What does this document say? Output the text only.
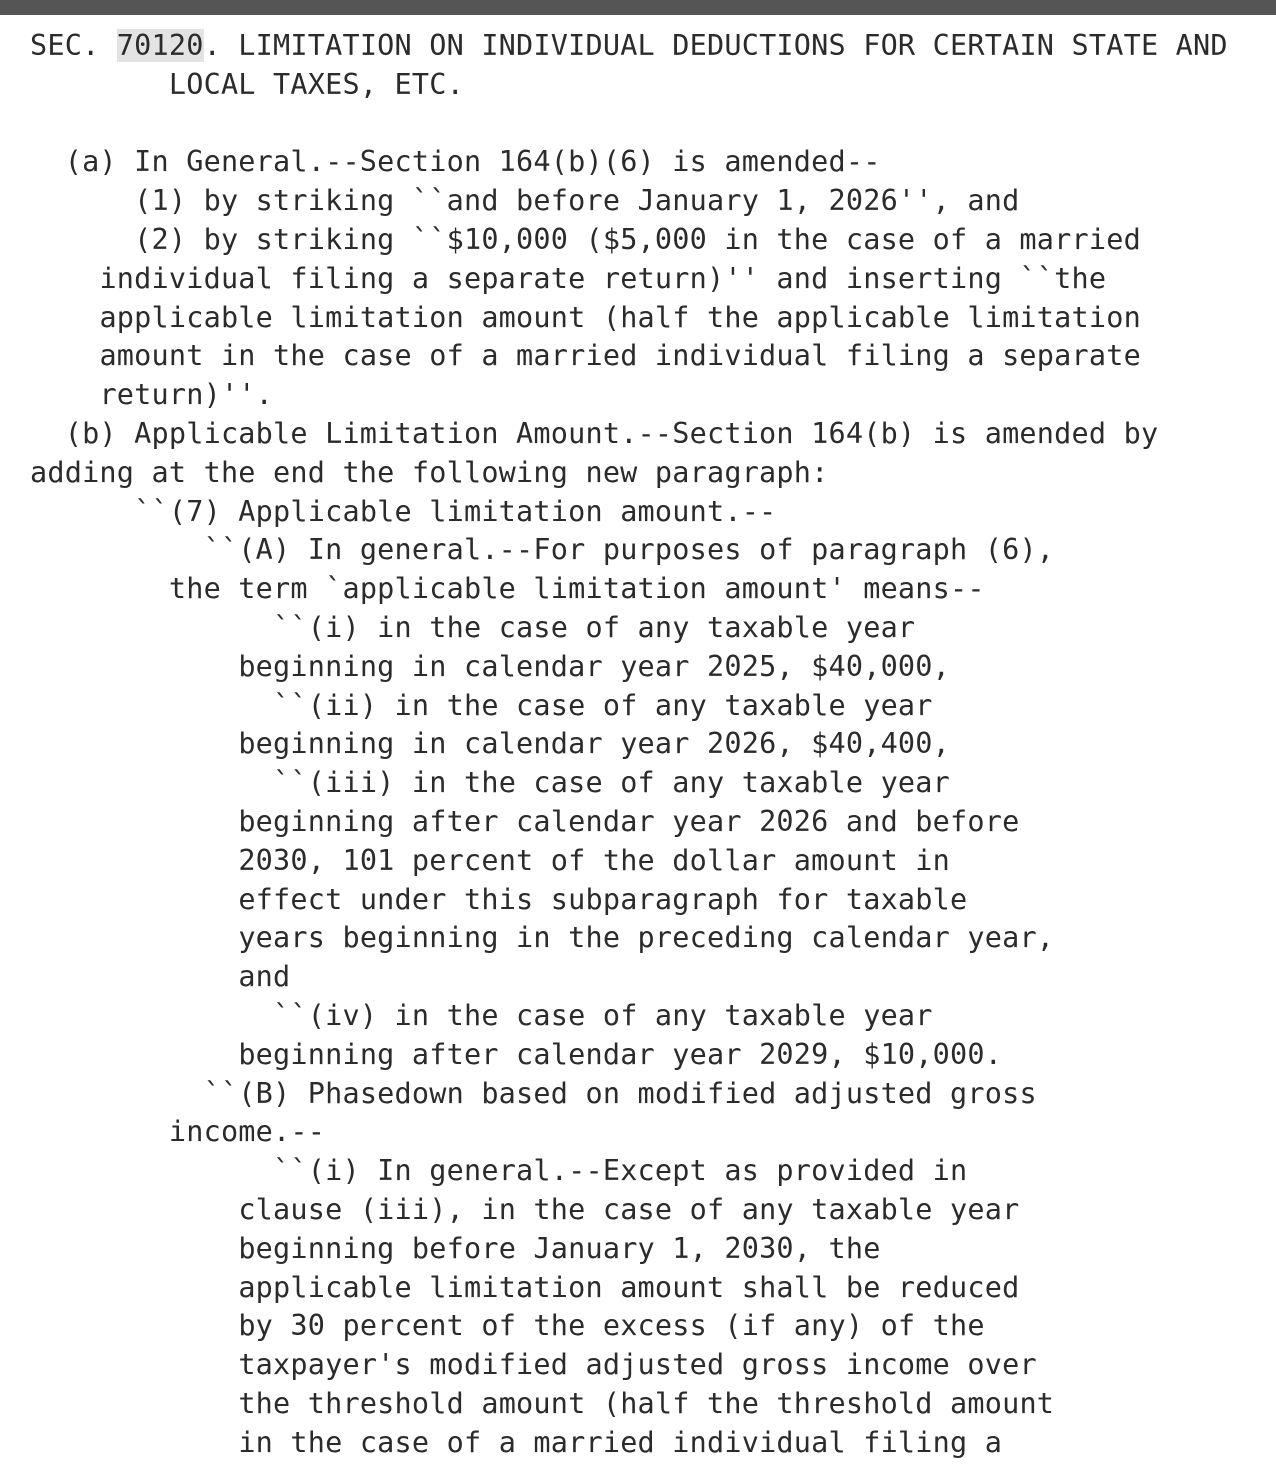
SEC. 70120. LIMITATION ON INDIVIDUAL DEDUCTIONS FOR CERTAIN STATE AND
LOCAL TAXES, ETC.
(a) In General.--Section 164(b)(6) is amended--
(1) by striking ``and before January 1, 2026'', and
(2) by striking ``$10,000 ($5,000 in the case of a married
individual filing a separate return)'' and inserting ``the
applicable limitation amount (half the applicable limitation
amount in the case of a married individual filing a separate
return)''.
(b) Applicable Limitation Amount.--Section 164(b) is amended by
adding at the end the following new paragraph:
``(7) Applicable limitation amount.--
``(A) In general.--For purposes of paragraph (6),
the term `applicable limitation amount' means--
``(i) in the case of any taxable year
beginning in calendar year 2025, $40,000,
``(ii) in the case of any taxable year
beginning in calendar year 2026, $40,400,
``(iii) in the case of any taxable year
beginning after calendar year 2026 and before
2030, 101 percent of the dollar amount in
effect under this subparagraph for taxable
years beginning in the preceding calendar year,
and
``(iv) in the case of any taxable year
beginning after calendar year 2029, $10,000.
``(B) Phasedown based on modified adjusted gross
income.--
``(i) In general.--Except as provided in
clause (iii), in the case of any taxable year
beginning before January 1, 2030, the
applicable limitation amount shall be reduced
by 30 percent of the excess (if any) of the
taxpayer's modified adjusted gross income over
the threshold amount (half the threshold amount
in the case of a married individual filing a
